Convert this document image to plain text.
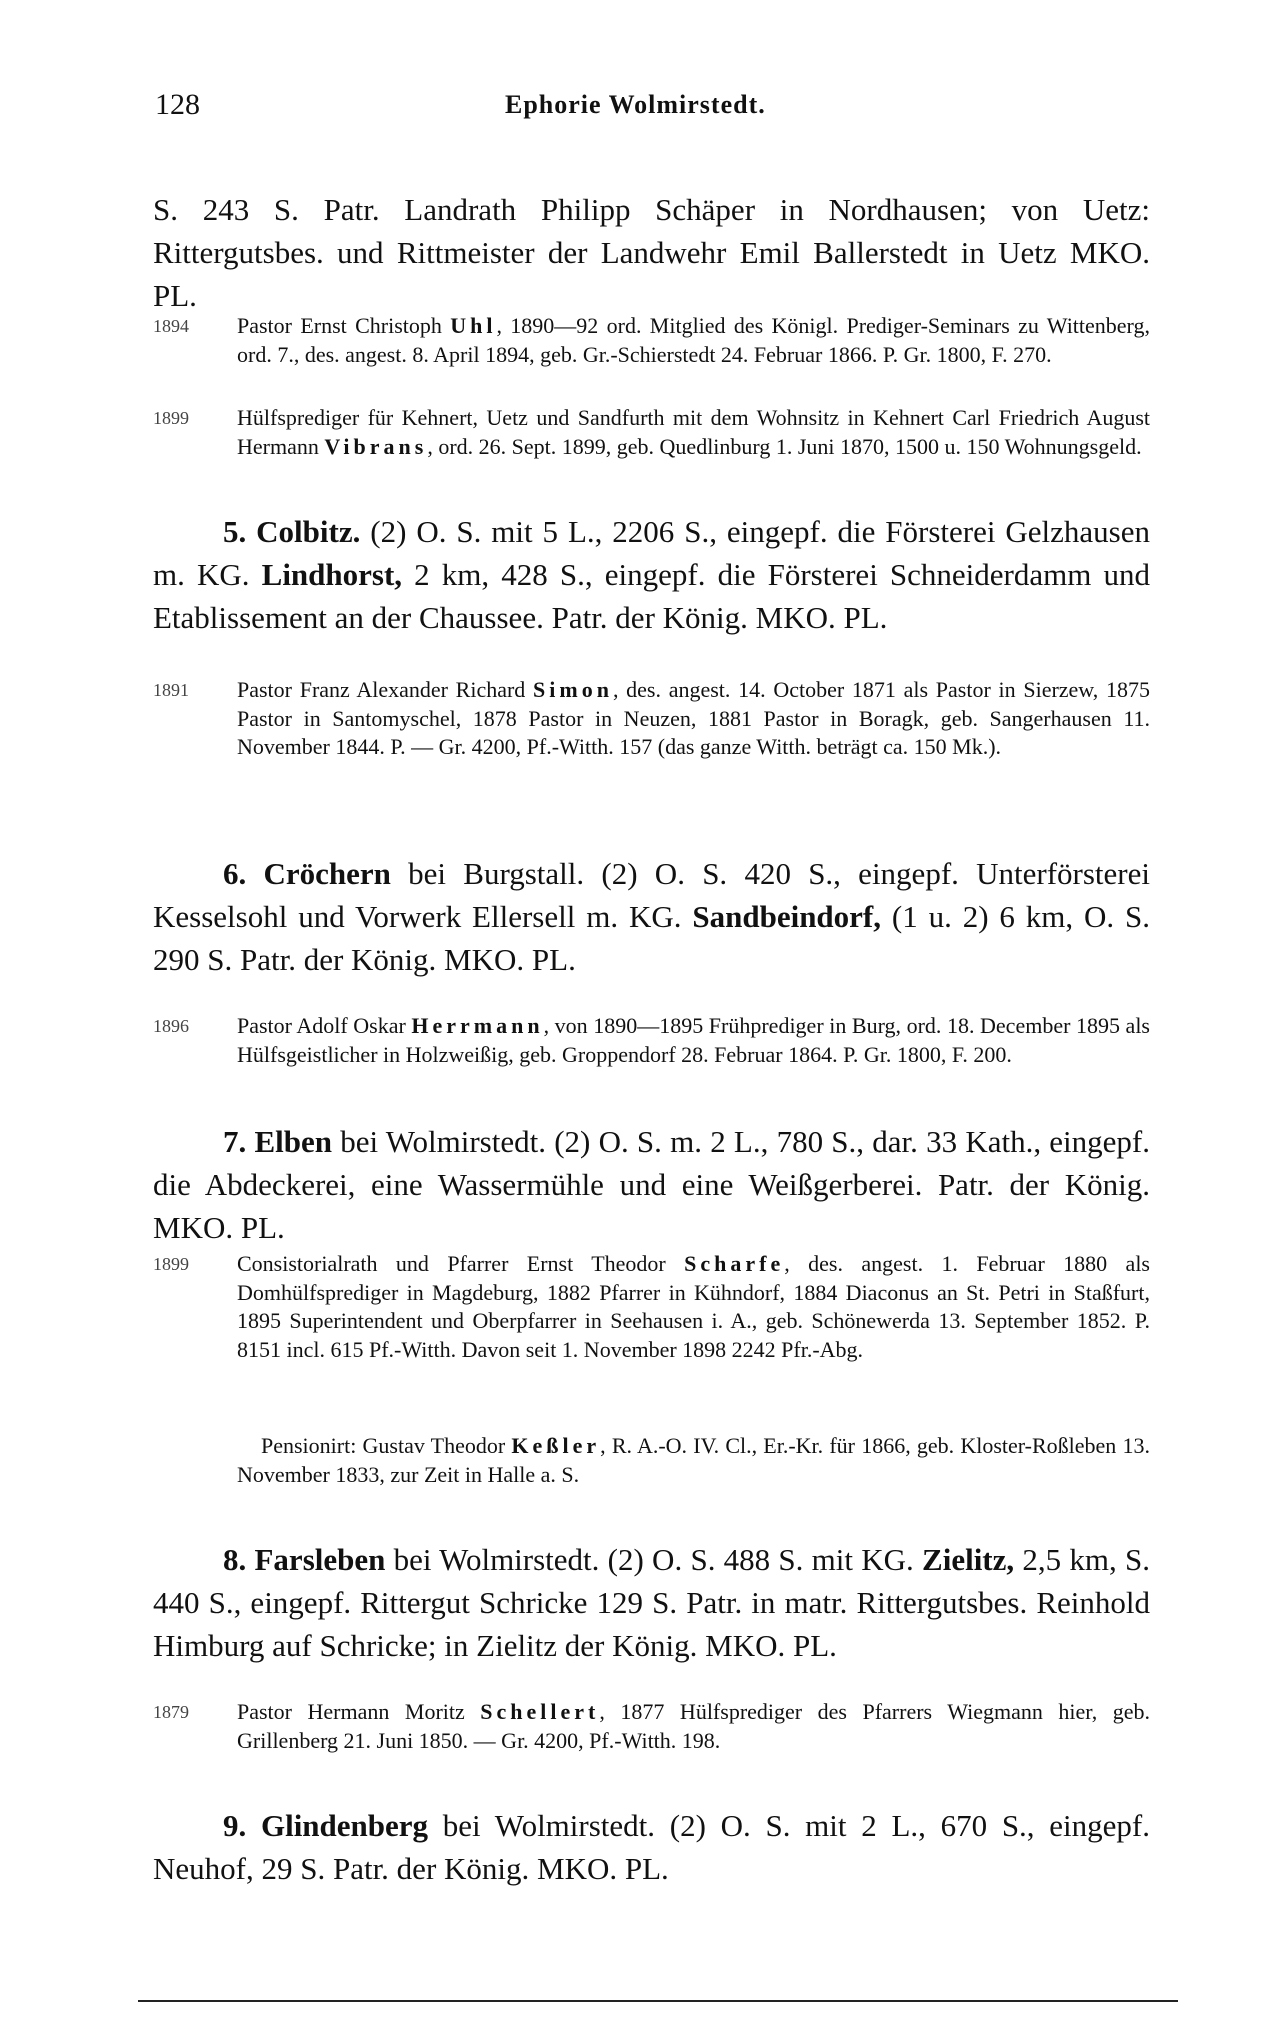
128	Ephorie Wolmirstedt.
S. 243 S. Patr. Landrath Philipp Schäper in Nordhausen; von Uetz: Rittergutsbes. und Rittmeister der Landwehr Emil Ballerstedt in Uetz MKO. PL.
1894 Pastor Ernst Christoph Uhl, 1890—92 ord. Mitglied des Königl. Prediger-Seminars zu Wittenberg, ord. 7., des. angest. 8. April 1894, geb. Gr.-Schierstedt 24. Februar 1866. P. Gr. 1800, F. 270.
1899 Hülfsprediger für Kehnert, Uetz und Sandfurth mit dem Wohnsitz in Kehnert Carl Friedrich August Hermann Vibrans, ord. 26. Sept. 1899, geb. Quedlinburg 1. Juni 1870, 1500 u. 150 Wohnungsgeld.
5. Colbitz. (2) O. S. mit 5 L., 2206 S., eingepf. die Försterei Gelzhausen m. KG. Lindhorst, 2 km, 428 S., eingepf. die Försterei Schneiderdamm und Etablissement an der Chaussee. Patr. der König. MKO. PL.
1891 Pastor Franz Alexander Richard Simon, des. angest. 14. October 1871 als Pastor in Sierzew, 1875 Pastor in Santomyschel, 1878 Pastor in Neuzen, 1881 Pastor in Boragk, geb. Sangerhausen 11. November 1844. P. — Gr. 4200, Pf.-Witth. 157 (das ganze Witth. beträgt ca. 150 Mk.).
6. Cröchern bei Burgstall. (2) O. S. 420 S., eingepf. Unterförsterei Kesselsohl und Vorwerk Ellersell m. KG. Sandbeindorf, (1 u. 2) 6 km, O. S. 290 S. Patr. der König. MKO. PL.
1896 Pastor Adolf Oskar Herrmann, von 1890—1895 Frühprediger in Burg, ord. 18. December 1895 als Hülfsgeistlicher in Holzweißig, geb. Groppendorf 28. Februar 1864. P. Gr. 1800, F. 200.
7. Elben bei Wolmirstedt. (2) O. S. m. 2 L., 780 S., dar. 33 Kath., eingepf. die Abdeckerei, eine Wassermühle und eine Weißgerberei. Patr. der König. MKO. PL.
1899 Consistorialrath und Pfarrer Ernst Theodor Scharfe, des. angest. 1. Februar 1880 als Domhülfsprediger in Magdeburg, 1882 Pfarrer in Kühndorf, 1884 Diaconus an St. Petri in Staßfurt, 1895 Superintendent und Oberpfarrer in Seehausen i. A., geb. Schönewerda 13. September 1852. P. 8151 incl. 615 Pf.-Witth. Davon seit 1. November 1898 2242 Pfr.-Abg.
Pensionirt: Gustav Theodor Keßler, R. A.-O. IV. Cl., Er.-Kr. für 1866, geb. Kloster-Roßleben 13. November 1833, zur Zeit in Halle a. S.
8. Farsleben bei Wolmirstedt. (2) O. S. 488 S. mit KG. Zielitz, 2,5 km, S. 440 S., eingepf. Rittergut Schricke 129 S. Patr. in matr. Rittergutsbes. Reinhold Himburg auf Schricke; in Zielitz der König. MKO. PL.
1879 Pastor Hermann Moritz Schellert, 1877 Hülfsprediger des Pfarrers Wiegmann hier, geb. Grillenberg 21. Juni 1850. — Gr. 4200, Pf.-Witth. 198.
9. Glindenberg bei Wolmirstedt. (2) O. S. mit 2 L., 670 S., eingepf. Neuhof, 29 S. Patr. der König. MKO. PL.
